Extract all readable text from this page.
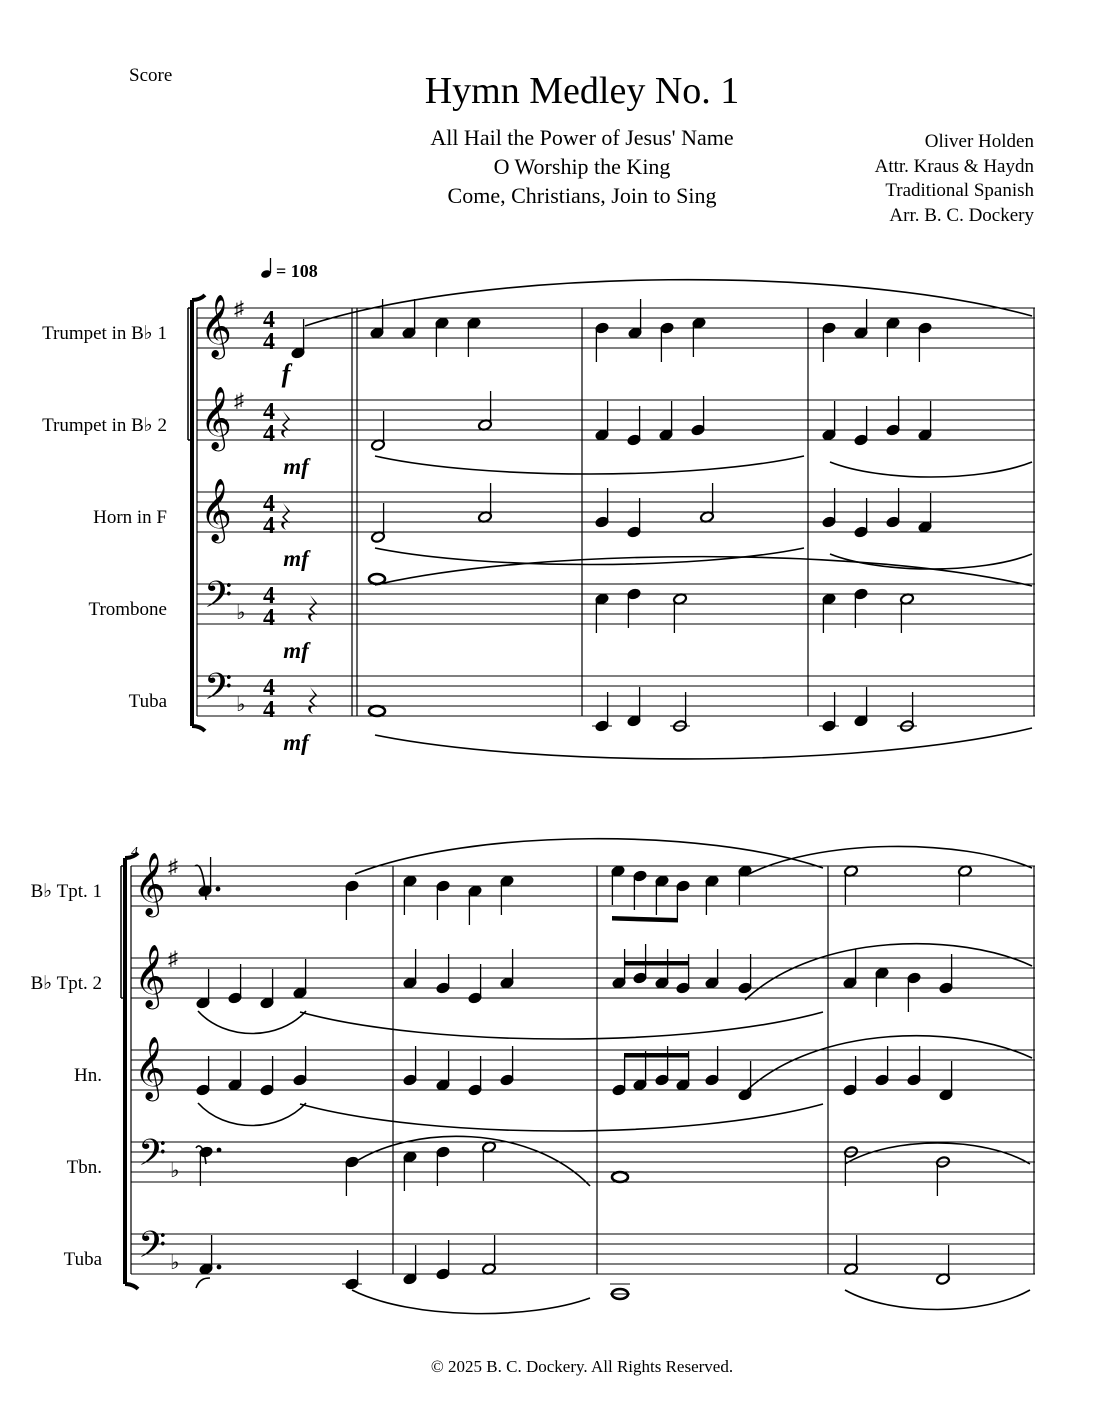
Score	Hymn Medley No. 1
All Hail the Power of Jesus' Name
O Worship the King
Come, Christians, Join to Sing
Oliver Holden
Attr. Kraus & Haydn
Traditional Spanish
Arr. B. C. Dockery
= 108
Trumpet in B♭ 1
Trumpet in B♭ 2
Horn in F
Trombone
Tuba
B♭ Tpt. 1
B♭ Tpt. 2
Hn.
Tbn.
Tuba
f
mf
mf
mf
mf
4
4
4
4
4
4
4
4
4
4
4
© 2025 B. C. Dockery. All Rights Reserved.
𝄞 ♯
𝄞 ♯
𝄞
𝄢 ♭
𝄢 ♭
𝄞 ♯
𝄞 ♯
𝄞
𝄢 ♭
𝄢 ♭
